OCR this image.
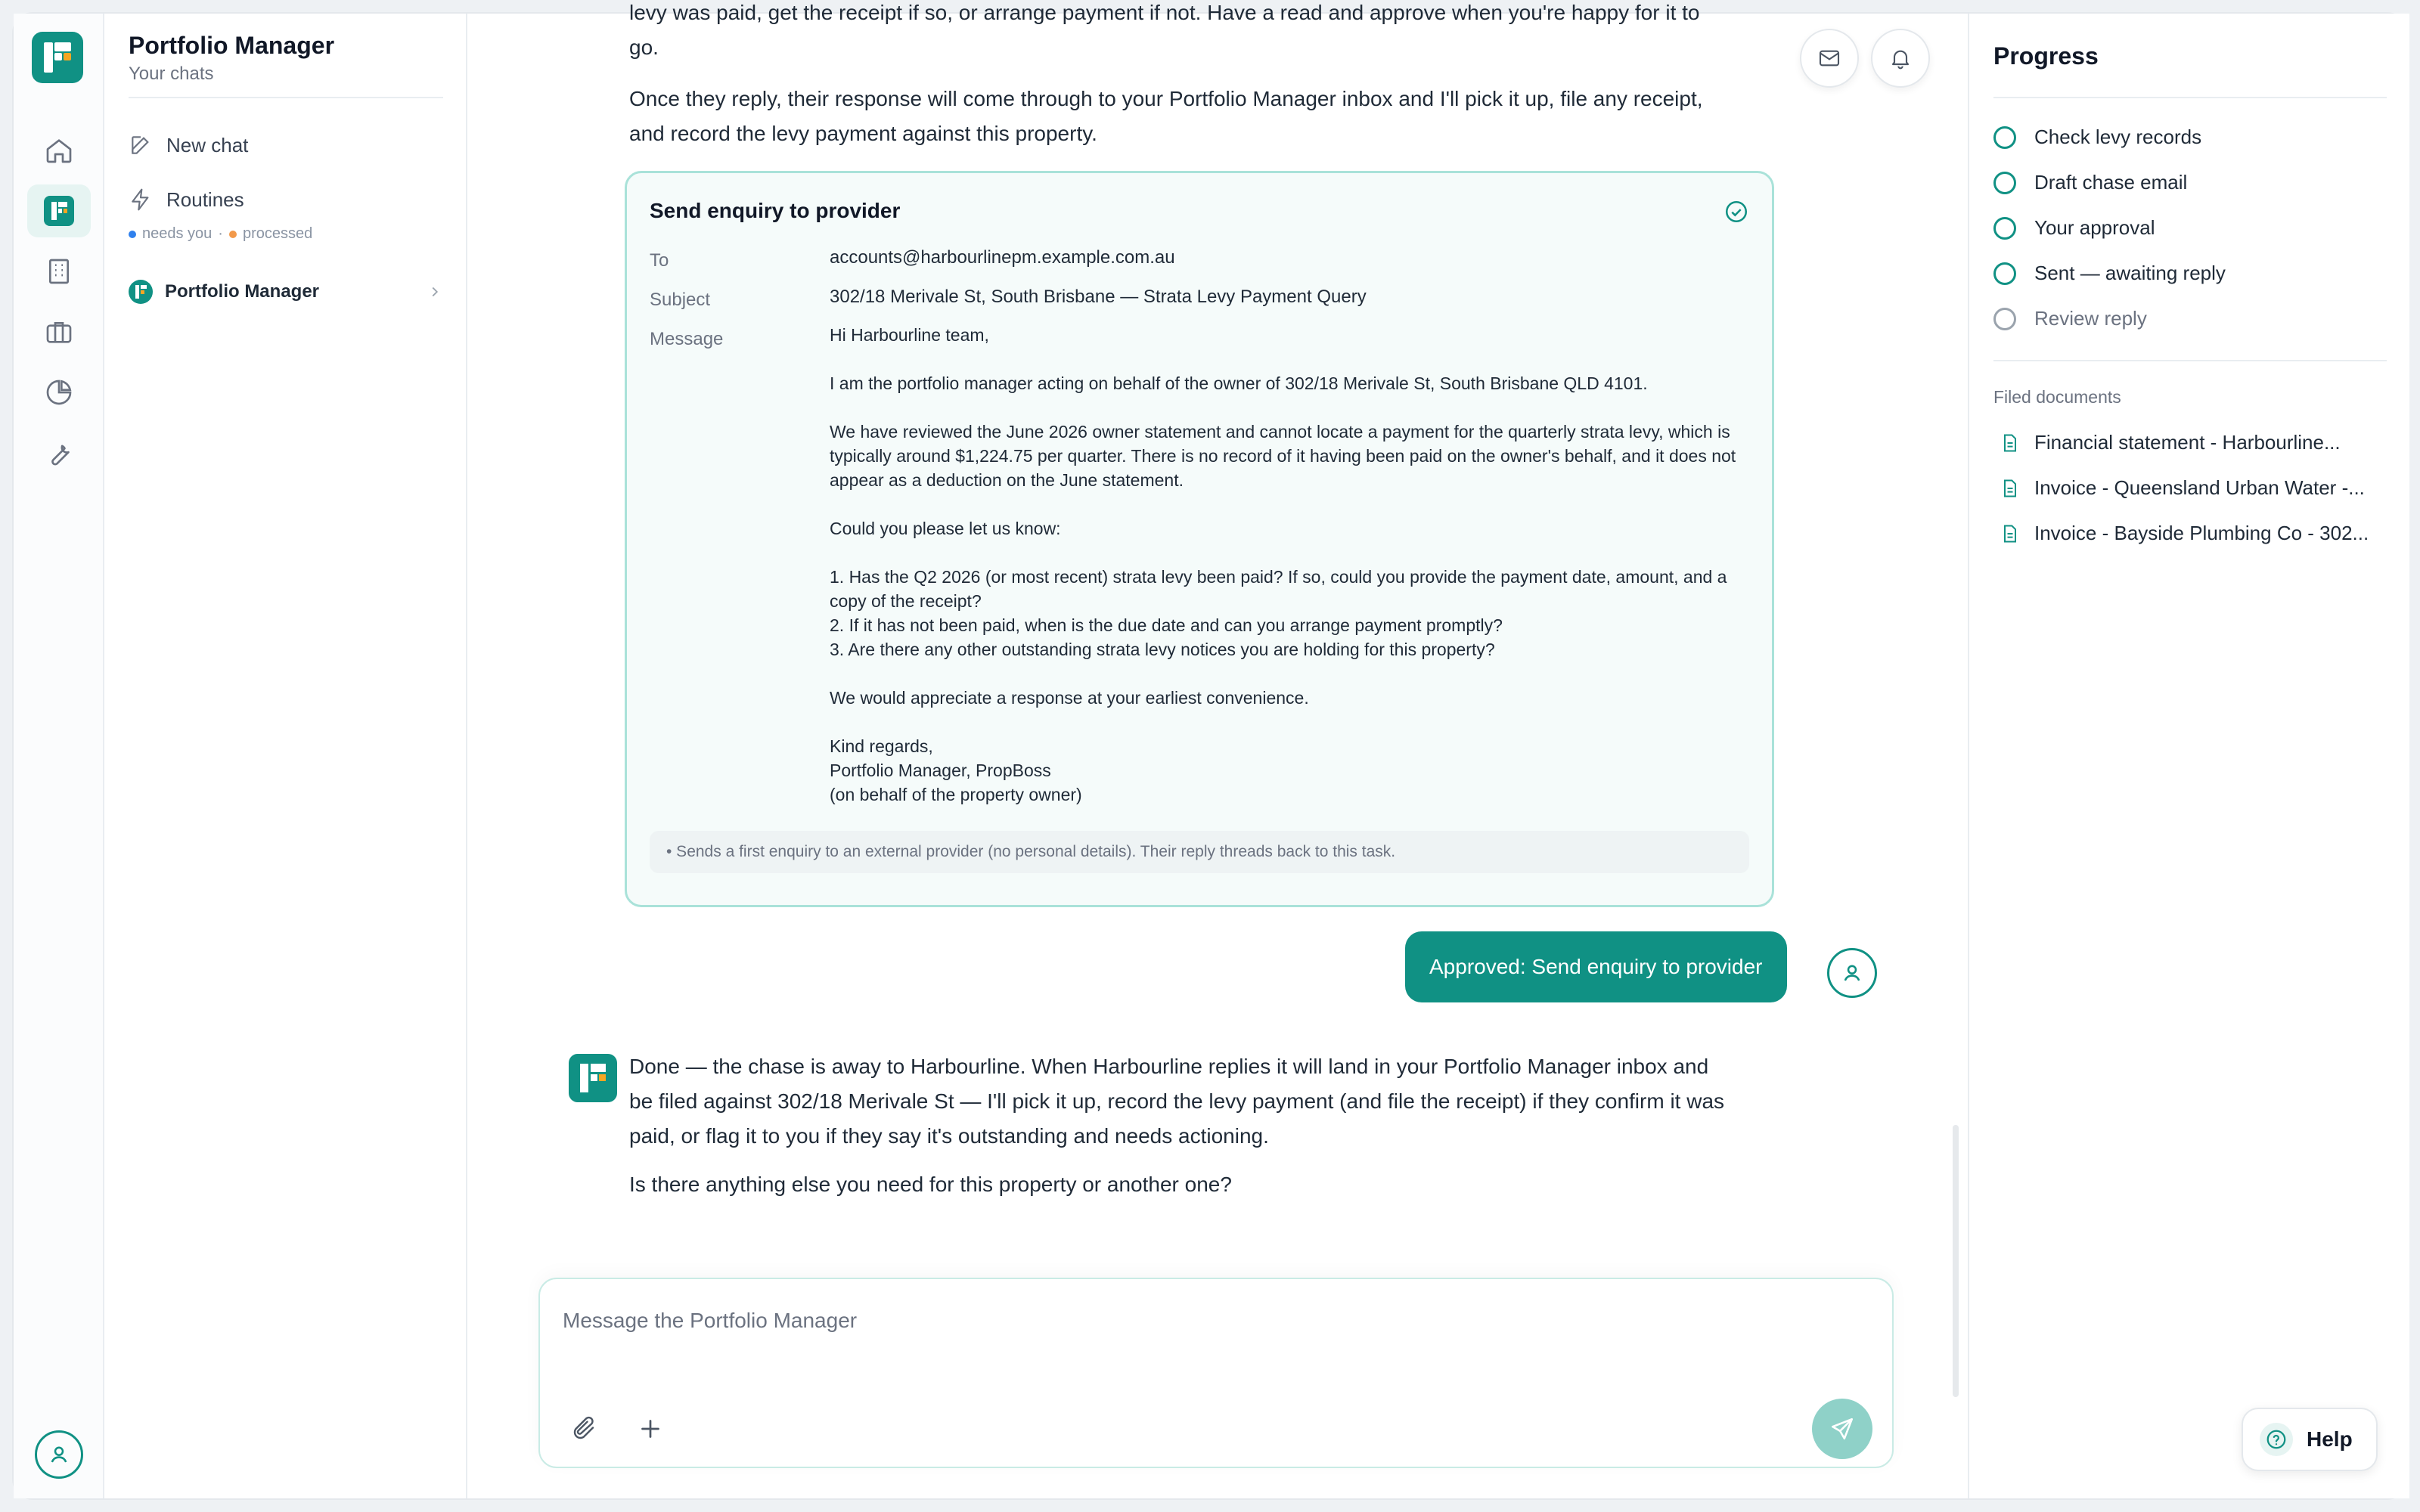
Portfolio Manager
Your chats
New chat
Routines
needs you · processed
Portfolio Manager
levy was paid, get the receipt if so, or arrange payment if not. Have a read and approve when you're happy for it to go.
Once they reply, their response will come through to your Portfolio Manager inbox and I'll pick it up, file any receipt, and record the levy payment against this property.
Send enquiry to provider
To	accounts@harbourlinepm.example.com.au
Subject	302/18 Merivale St, South Brisbane — Strata Levy Payment Query
Message	Hi Harbourline team,

I am the portfolio manager acting on behalf of the owner of 302/18 Merivale St, South Brisbane QLD 4101.

We have reviewed the June 2026 owner statement and cannot locate a payment for the quarterly strata levy, which is typically around $1,224.75 per quarter. There is no record of it having been paid on the owner's behalf, and it does not appear as a deduction on the June statement.

Could you please let us know:

1. Has the Q2 2026 (or most recent) strata levy been paid? If so, could you provide the payment date, amount, and a copy of the receipt?

2. If it has not been paid, when is the due date and can you arrange payment promptly?

3. Are there any other outstanding strata levy notices you are holding for this property?

We would appreciate a response at your earliest convenience.

Kind regards,

Portfolio Manager, PropBoss

(on behalf of the property owner)

• Sends a first enquiry to an external provider (no personal details). Their reply threads back to this task.
Approved: Send enquiry to provider
Done — the chase is away to Harbourline. When Harbourline replies it will land in your Portfolio Manager inbox and be filed against 302/18 Merivale St — I'll pick it up, record the levy payment (and file the receipt) if they confirm it was paid, or flag it to you if they say it's outstanding and needs actioning.
Is there anything else you need for this property or another one?
Message the Portfolio Manager
Progress
Check levy records
Draft chase email
Your approval
Sent — awaiting reply
Review reply
Filed documents
Financial statement - Harbourline...
Invoice - Queensland Urban Water -...
Invoice - Bayside Plumbing Co - 302...
Help
